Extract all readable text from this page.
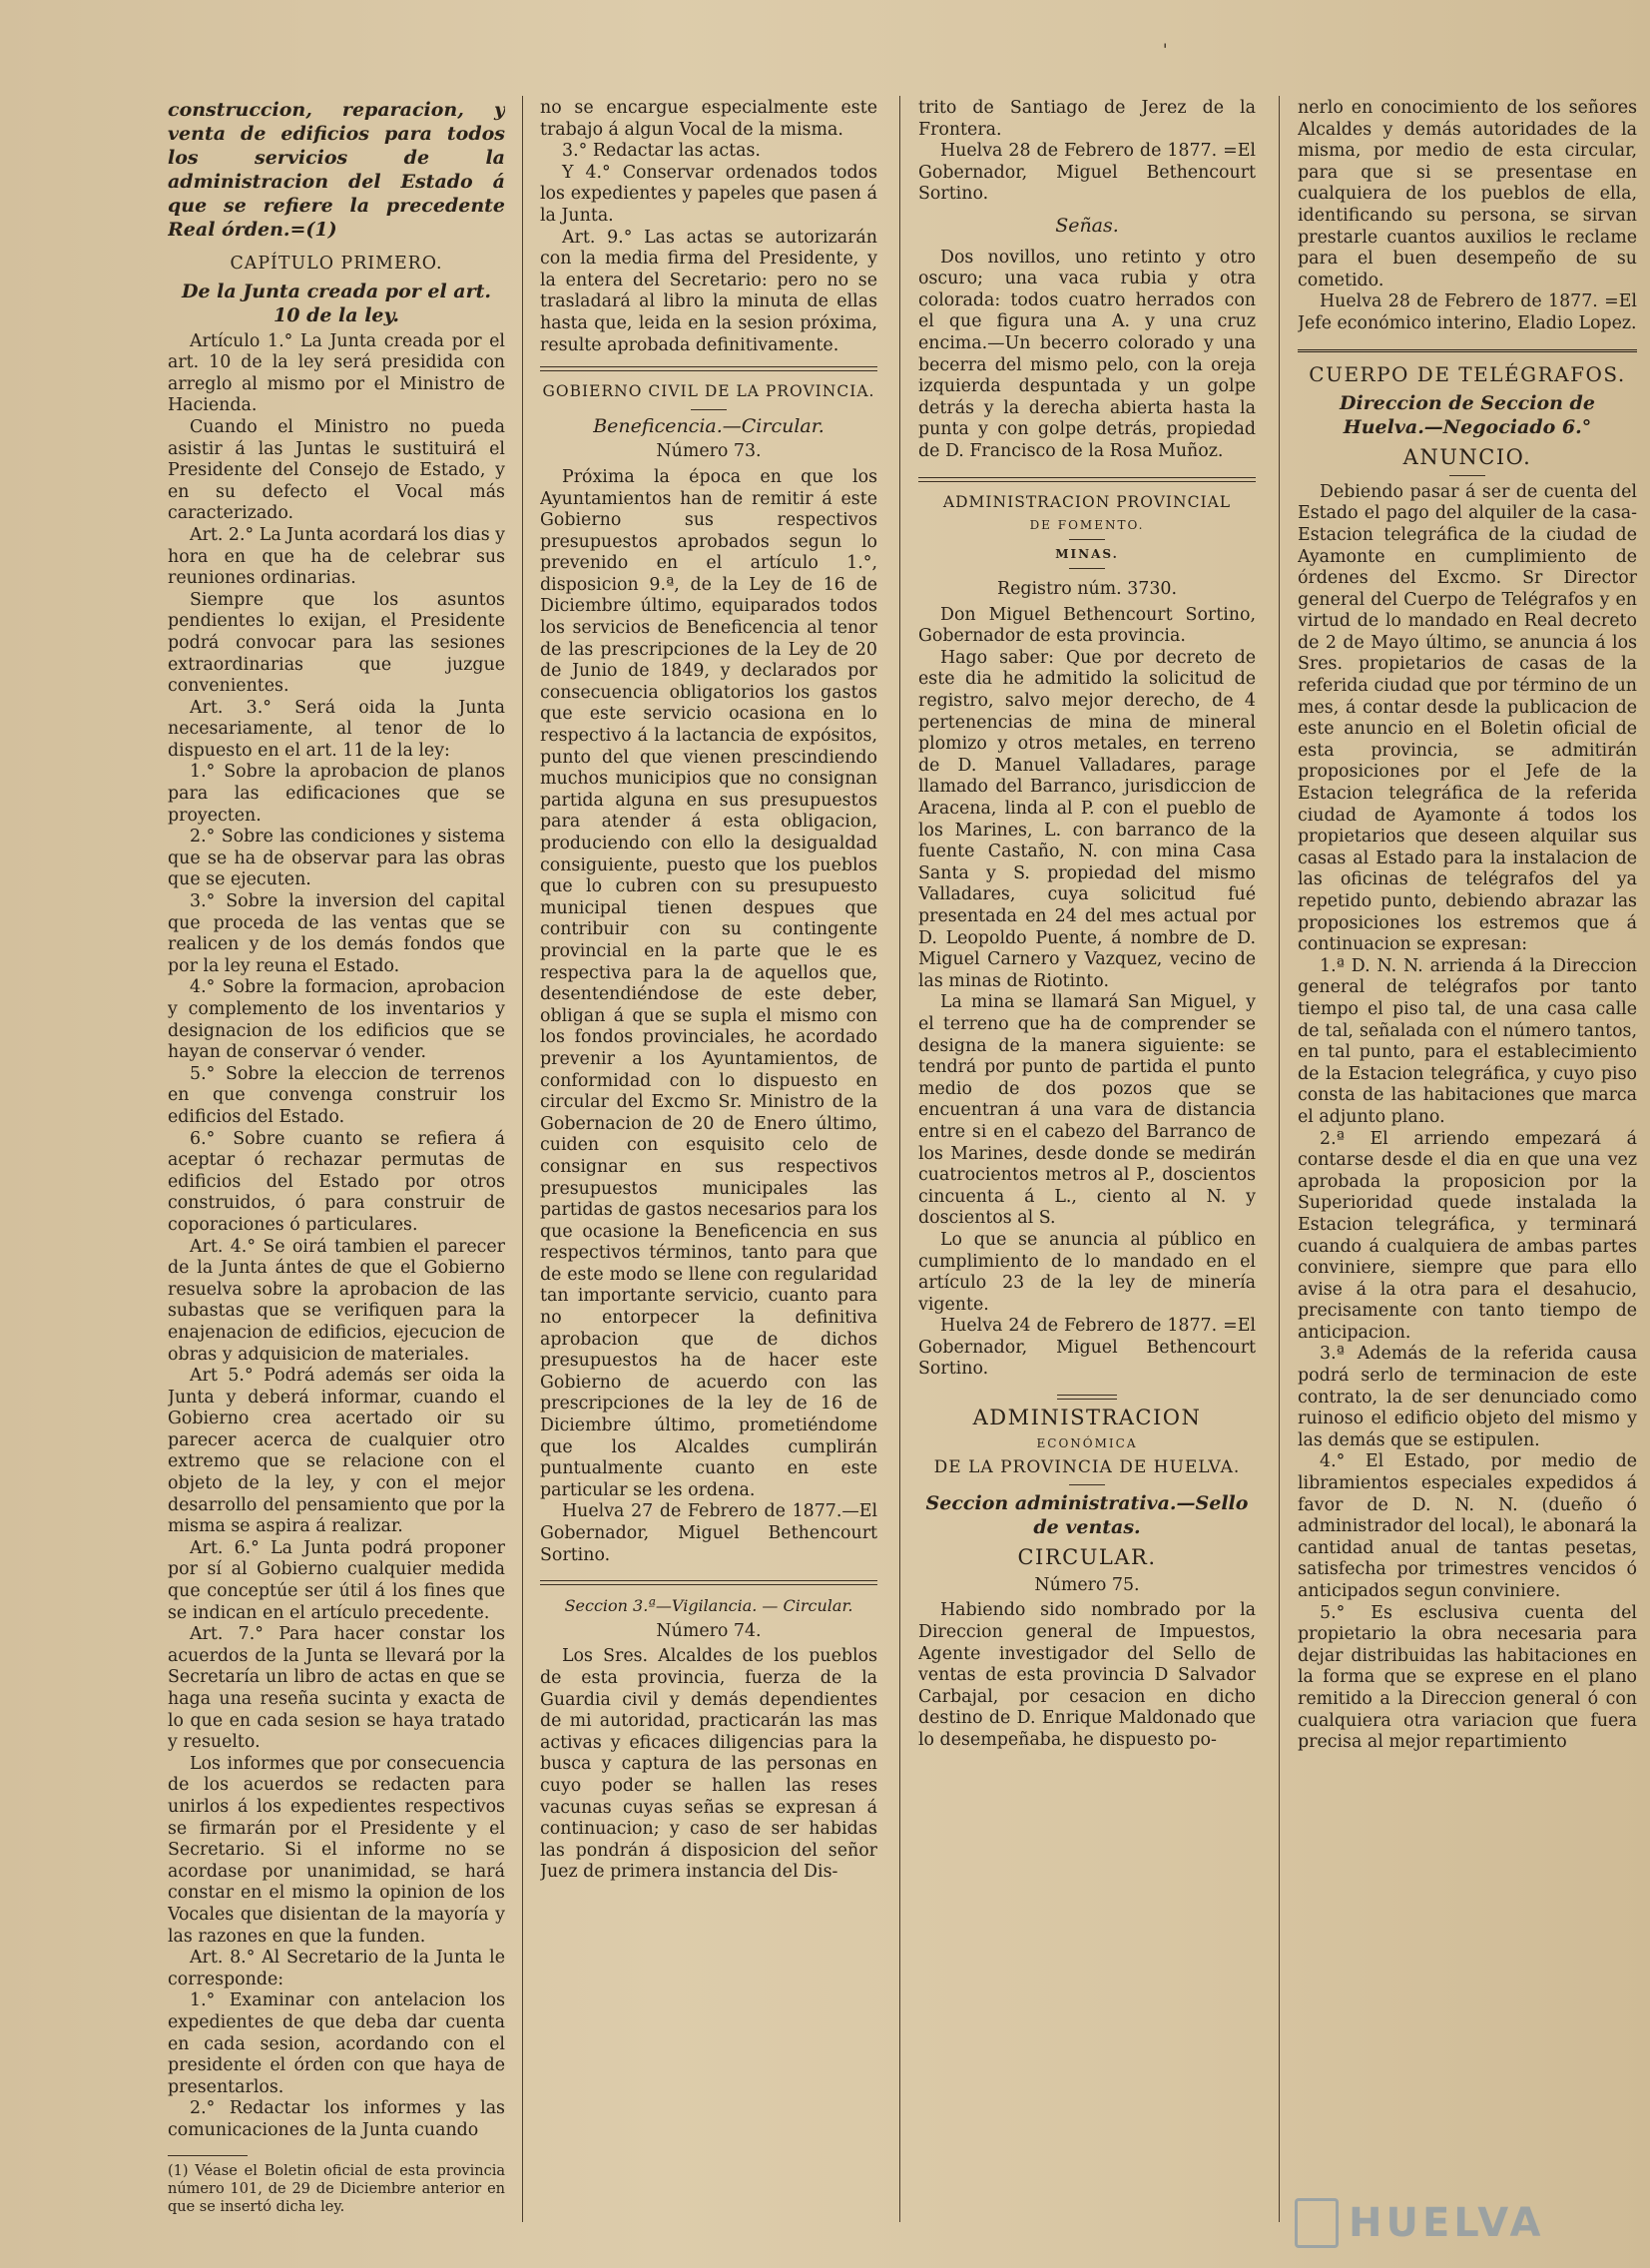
'

construccion, reparacion, y venta de edificios para todos los servicios de la administracion del Estado á que se refiere la precedente Real órden.=(1)

CAPÍTULO PRIMERO.

De la Junta creada por el art. 10 de la ley.

Artículo 1.° La Junta creada por el art. 10 de la ley será presidida con arreglo al mismo por el Ministro de Hacienda.

Cuando el Ministro no pueda asistir á las Juntas le sustituirá el Presidente del Consejo de Estado, y en su defecto el Vocal más caracterizado.

Art. 2.° La Junta acordará los dias y hora en que ha de celebrar sus reuniones ordinarias.

Siempre que los asuntos pendientes lo exijan, el Presidente podrá convocar para las sesiones extraordinarias que juzgue convenientes.

Art. 3.° Será oida la Junta necesariamente, al tenor de lo dispuesto en el art. 11 de la ley:

1.° Sobre la aprobacion de planos para las edificaciones que se proyecten.

2.° Sobre las condiciones y sistema que se ha de observar para las obras que se ejecuten.

3.° Sobre la inversion del capital que proceda de las ventas que se realicen y de los demás fondos que por la ley reuna el Estado.

4.° Sobre la formacion, aprobacion y complemento de los inventarios y designacion de los edificios que se hayan de conservar ó vender.

5.° Sobre la eleccion de terrenos en que convenga construir los edificios del Estado.

6.° Sobre cuanto se refiera á aceptar ó rechazar permutas de edificios del Estado por otros construidos, ó para construir de coporaciones ó particulares.

Art. 4.° Se oirá tambien el parecer de la Junta ántes de que el Gobierno resuelva sobre la aprobacion de las subastas que se verifiquen para la enajenacion de edificios, ejecucion de obras y adquisicion de materiales.

Art 5.° Podrá además ser oida la Junta y deberá informar, cuando el Gobierno crea acertado oir su parecer acerca de cualquier otro extremo que se relacione con el objeto de la ley, y con el mejor desarrollo del pensamiento que por la misma se aspira á realizar.

Art. 6.° La Junta podrá proponer por sí al Gobierno cualquier medida que conceptúe ser útil á los fines que se indican en el artículo precedente.

Art. 7.° Para hacer constar los acuerdos de la Junta se llevará por la Secretaría un libro de actas en que se haga una reseña sucinta y exacta de lo que en cada sesion se haya tratado y resuelto.

Los informes que por consecuencia de los acuerdos se redacten para unirlos á los expedientes respectivos se firmarán por el Presidente y el Secretario. Si el informe no se acordase por unanimidad, se hará constar en el mismo la opinion de los Vocales que disientan de la mayoría y las razones en que la funden.

Art. 8.° Al Secretario de la Junta le corresponde:

1.° Examinar con antelacion los expedientes de que deba dar cuenta en cada sesion, acordando con el presidente el órden con que haya de presentarlos.

2.° Redactar los informes y las comunicaciones de la Junta cuando

(1) Véase el Boletin oficial de esta provincia número 101, de 29 de Diciembre anterior en que se insertó dicha ley.

no se encargue especialmente este trabajo á algun Vocal de la misma.

3.° Redactar las actas.

Y 4.° Conservar ordenados todos los expedientes y papeles que pasen á la Junta.

Art. 9.° Las actas se autorizarán con la media firma del Presidente, y la entera del Secretario: pero no se trasladará al libro la minuta de ellas hasta que, leida en la sesion próxima, resulte aprobada definitivamente.

GOBIERNO CIVIL DE LA PROVINCIA.

Beneficencia.—Circular.

Número 73.

Próxima la época en que los Ayuntamientos han de remitir á este Gobierno sus respectivos presupuestos aprobados segun lo prevenido en el artículo 1.°, disposicion 9.ª, de la Ley de 16 de Diciembre último, equiparados todos los servicios de Beneficencia al tenor de las prescripciones de la Ley de 20 de Junio de 1849, y declarados por consecuencia obligatorios los gastos que este servicio ocasiona en lo respectivo á la lactancia de expósitos, punto del que vienen prescindiendo muchos municipios que no consignan partida alguna en sus presupuestos para atender á esta obligacion, produciendo con ello la desigualdad consiguiente, puesto que los pueblos que lo cubren con su presupuesto municipal tienen despues que contribuir con su contingente provincial en la parte que le es respectiva para la de aquellos que, desentendiéndose de este deber, obligan á que se supla el mismo con los fondos provinciales, he acordado prevenir a los Ayuntamientos, de conformidad con lo dispuesto en circular del Excmo Sr. Ministro de la Gobernacion de 20 de Enero último, cuiden con esquisito celo de consignar en sus respectivos presupuestos municipales las partidas de gastos necesarios para los que ocasione la Beneficencia en sus respectivos términos, tanto para que de este modo se llene con regularidad tan importante servicio, cuanto para no entorpecer la definitiva aprobacion que de dichos presupuestos ha de hacer este Gobierno de acuerdo con las prescripciones de la ley de 16 de Diciembre último, prometiéndome que los Alcaldes cumplirán puntualmente cuanto en este particular se les ordena.

Huelva 27 de Febrero de 1877.—El Gobernador, Miguel Bethencourt Sortino.

Seccion 3.ª—Vigilancia. — Circular.

Número 74.

Los Sres. Alcaldes de los pueblos de esta provincia, fuerza de la Guardia civil y demás dependientes de mi autoridad, practicarán las mas activas y eficaces diligencias para la busca y captura de las personas en cuyo poder se hallen las reses vacunas cuyas señas se expresan á continuacion; y caso de ser habidas las pondrán á disposicion del señor Juez de primera instancia del Dis-

trito de Santiago de Jerez de la Frontera.

Huelva 28 de Febrero de 1877. =El Gobernador, Miguel Bethencourt Sortino.

Señas.

Dos novillos, uno retinto y otro oscuro; una vaca rubia y otra colorada: todos cuatro herrados con el que figura una A. y una cruz encima.—Un becerro colorado y una becerra del mismo pelo, con la oreja izquierda despuntada y un golpe detrás y la derecha abierta hasta la punta y con golpe detrás, propiedad de D. Francisco de la Rosa Muñoz.

ADMINISTRACION PROVINCIAL

DE FOMENTO.

MINAS.

Registro núm. 3730.

Don Miguel Bethencourt Sortino, Gobernador de esta provincia.

Hago saber: Que por decreto de este dia he admitido la solicitud de registro, salvo mejor derecho, de 4 pertenencias de mina de mineral plomizo y otros metales, en terreno de D. Manuel Valladares, parage llamado del Barranco, jurisdiccion de Aracena, linda al P. con el pueblo de los Marines, L. con barranco de la fuente Castaño, N. con mina Casa Santa y S. propiedad del mismo Valladares, cuya solicitud fué presentada en 24 del mes actual por D. Leopoldo Puente, á nombre de D. Miguel Carnero y Vazquez, vecino de las minas de Riotinto.

La mina se llamará San Miguel, y el terreno que ha de comprender se designa de la manera siguiente: se tendrá por punto de partida el punto medio de dos pozos que se encuentran á una vara de distancia entre si en el cabezo del Barranco de los Marines, desde donde se medirán cuatrocientos metros al P., doscientos cincuenta á L., ciento al N. y doscientos al S.

Lo que se anuncia al público en cumplimiento de lo mandado en el artículo 23 de la ley de minería vigente.

Huelva 24 de Febrero de 1877. =El Gobernador, Miguel Bethencourt Sortino.

ADMINISTRACION

ECONÓMICA

DE LA PROVINCIA DE HUELVA.

Seccion administrativa.—Sello de ventas.

CIRCULAR.

Número 75.

Habiendo sido nombrado por la Direccion general de Impuestos, Agente investigador del Sello de ventas de esta provincia D Salvador Carbajal, por cesacion en dicho destino de D. Enrique Maldonado que lo desempeñaba, he dispuesto po-

nerlo en conocimiento de los señores Alcaldes y demás autoridades de la misma, por medio de esta circular, para que si se presentase en cualquiera de los pueblos de ella, identificando su persona, se sirvan prestarle cuantos auxilios le reclame para el buen desempeño de su cometido.

Huelva 28 de Febrero de 1877. =El Jefe económico interino, Eladio Lopez.

CUERPO DE TELÉGRAFOS.

Direccion de Seccion de Huelva.—Negociado 6.°

ANUNCIO.

Debiendo pasar á ser de cuenta del Estado el pago del alquiler de la casa-Estacion telegráfica de la ciudad de Ayamonte en cumplimiento de órdenes del Excmo. Sr Director general del Cuerpo de Telégrafos y en virtud de lo mandado en Real decreto de 2 de Mayo último, se anuncia á los Sres. propietarios de casas de la referida ciudad que por término de un mes, á contar desde la publicacion de este anuncio en el Boletin oficial de esta provincia, se admitirán proposiciones por el Jefe de la Estacion telegráfica de la referida ciudad de Ayamonte á todos los propietarios que deseen alquilar sus casas al Estado para la instalacion de las oficinas de telégrafos del ya repetido punto, debiendo abrazar las proposiciones los estremos que á continuacion se expresan:

1.ª D. N. N. arrienda á la Direccion general de telégrafos por tanto tiempo el piso tal, de una casa calle de tal, señalada con el número tantos, en tal punto, para el establecimiento de la Estacion telegráfica, y cuyo piso consta de las habitaciones que marca el adjunto plano.

2.ª El arriendo empezará á contarse desde el dia en que una vez aprobada la proposicion por la Superioridad quede instalada la Estacion telegráfica, y terminará cuando á cualquiera de ambas partes conviniere, siempre que para ello avise á la otra para el desahucio, precisamente con tanto tiempo de anticipacion.

3.ª Además de la referida causa podrá serlo de terminacion de este contrato, la de ser denunciado como ruinoso el edificio objeto del mismo y las demás que se estipulen.

4.° El Estado, por medio de libramientos especiales expedidos á favor de D. N. N. (dueño ó administrador del local), le abonará la cantidad anual de tantas pesetas, satisfecha por trimestres vencidos ó anticipados segun conviniere.

5.° Es esclusiva cuenta del propietario la obra necesaria para dejar distribuidas las habitaciones en la forma que se exprese en el plano remitido a la Direccion general ó con cualquiera otra variacion que fuera precisa al mejor repartimiento

HUELVA
